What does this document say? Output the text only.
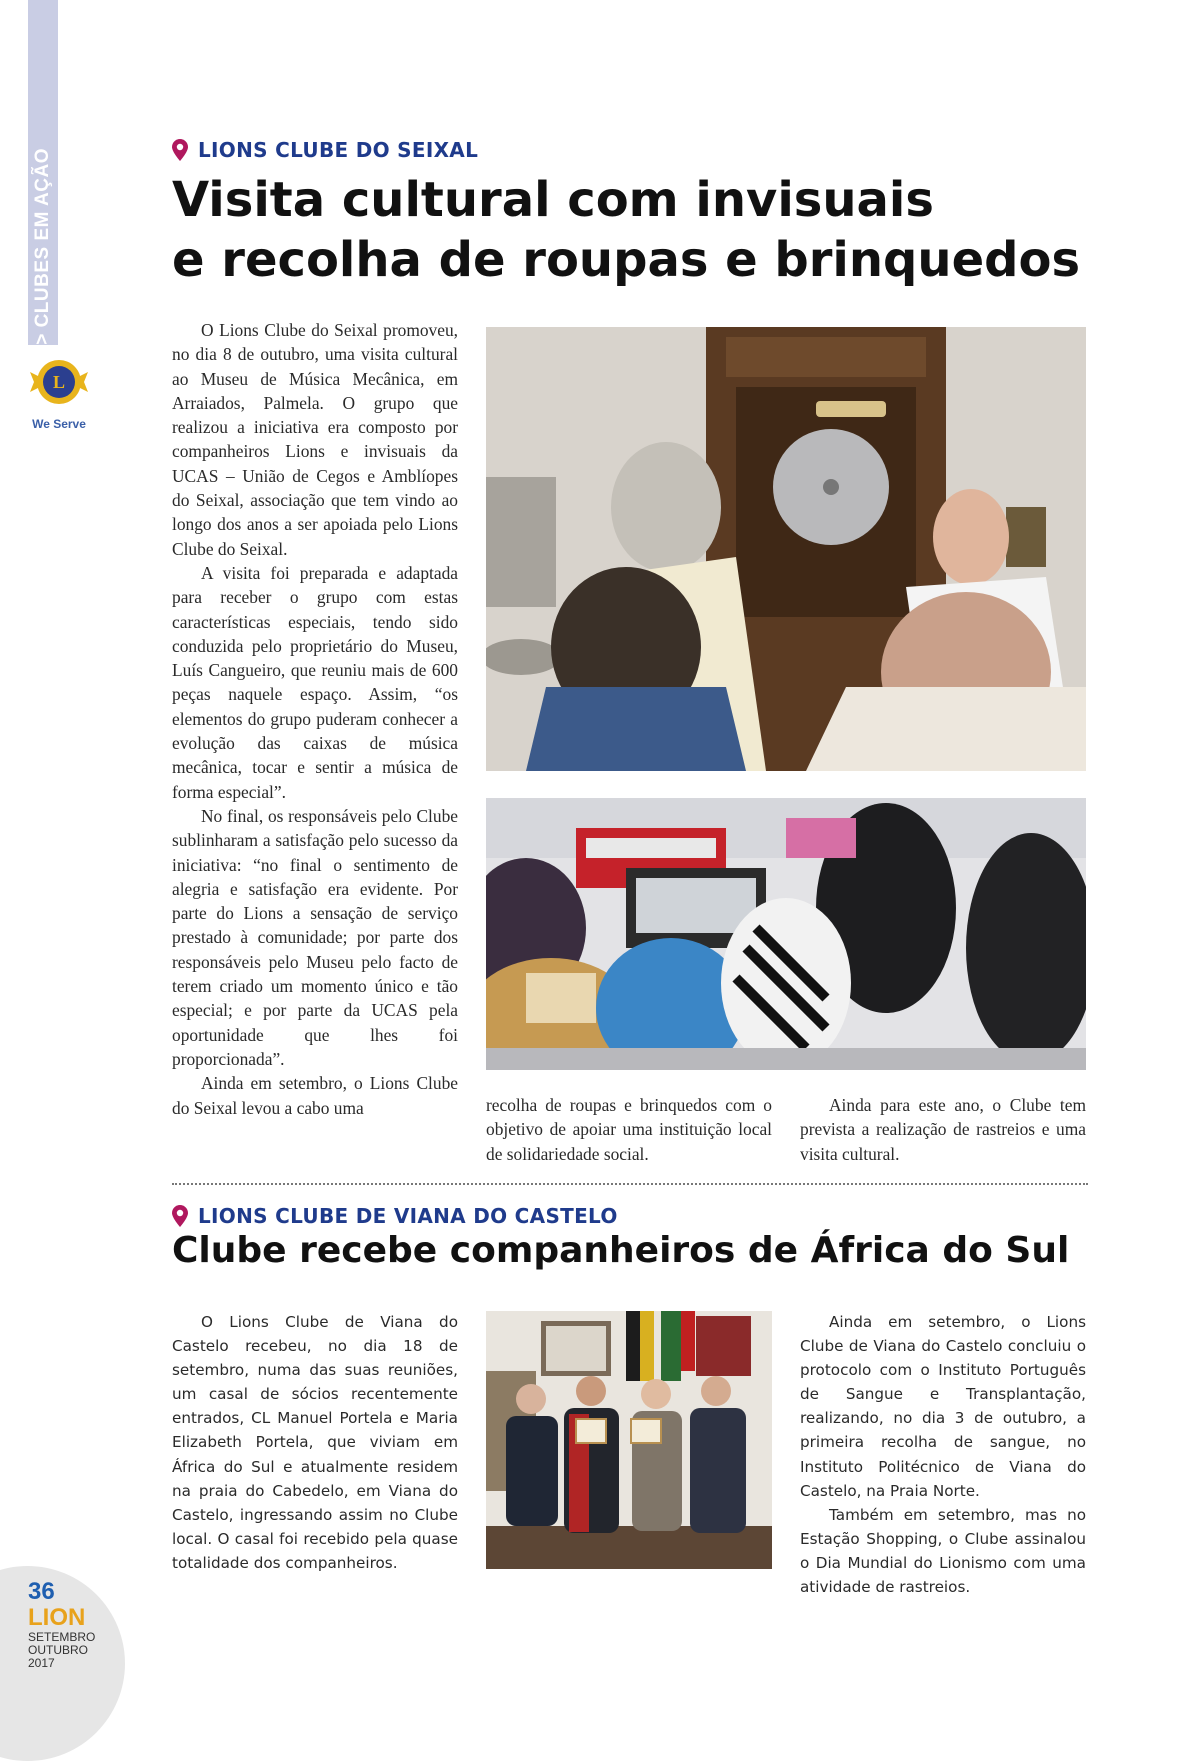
> CLUBES EM AÇÃO
L
We Serve
LIONS CLUBE DO SEIXAL
Visita cultural com invisuais
e recolha de roupas e brinquedos

O Lions Clube do Seixal promoveu, no dia 8 de outubro, uma visita cultural ao Museu de Música Mecânica, em Arraiados, Palmela. O grupo que realizou a iniciativa era composto por companheiros Lions e invisuais da UCAS – União de Cegos e Amblíopes do Seixal, associação que tem vindo ao longo dos anos a ser apoiada pelo Lions Clube do Seixal.

A visita foi preparada e adaptada para receber o grupo com estas características especiais, tendo sido conduzida pelo proprietário do Museu, Luís Cangueiro, que reuniu mais de 600 peças naquele espaço. Assim, “os elementos do grupo puderam conhecer a evolução das caixas de música mecânica, tocar e sentir a música de forma especial”.

No final, os responsáveis pelo Clube sublinharam a satisfação pelo sucesso da iniciativa: “no final o sentimento de alegria e satisfação era evidente. Por parte do Lions a sensação de serviço prestado à comunidade; por parte dos responsáveis pelo Museu pelo facto de terem criado um momento único e tão especial; e por parte da UCAS pela oportunidade que lhes foi proporcionada”.

Ainda em setembro, o Lions Clube do Seixal levou a cabo uma	recolha de roupas e brinquedos com o objetivo de apoiar uma instituição local de solidariedade social.

Ainda para este ano, o Clube tem prevista a realização de rastreios e uma visita cultural.

LIONS CLUBE DE VIANA DO CASTELO
Clube recebe companheiros de África do Sul

O Lions Clube de Viana do Castelo recebeu, no dia 18 de setembro, numa das suas reuniões, um casal de sócios recentemente entrados, CL Manuel Portela e Maria Elizabeth Portela, que viviam em África do Sul e atualmente residem na praia do Cabedelo, em Viana do Castelo, ingressando assim no Clube local. O casal foi recebido pela quase totalidade dos companheiros.

Ainda em setembro, o Lions Clube de Viana do Castelo concluiu o protocolo com o Instituto Português de Sangue e Transplantação, realizando, no dia 3 de outubro, a primeira recolha de sangue, no Instituto Politécnico de Viana do Castelo, na Praia Norte.

Também em setembro, mas no Estação Shopping, o Clube assinalou o Dia Mundial do Lionismo com uma atividade de rastreios.

36
LION
SETEMBRO
OUTUBRO
2017
